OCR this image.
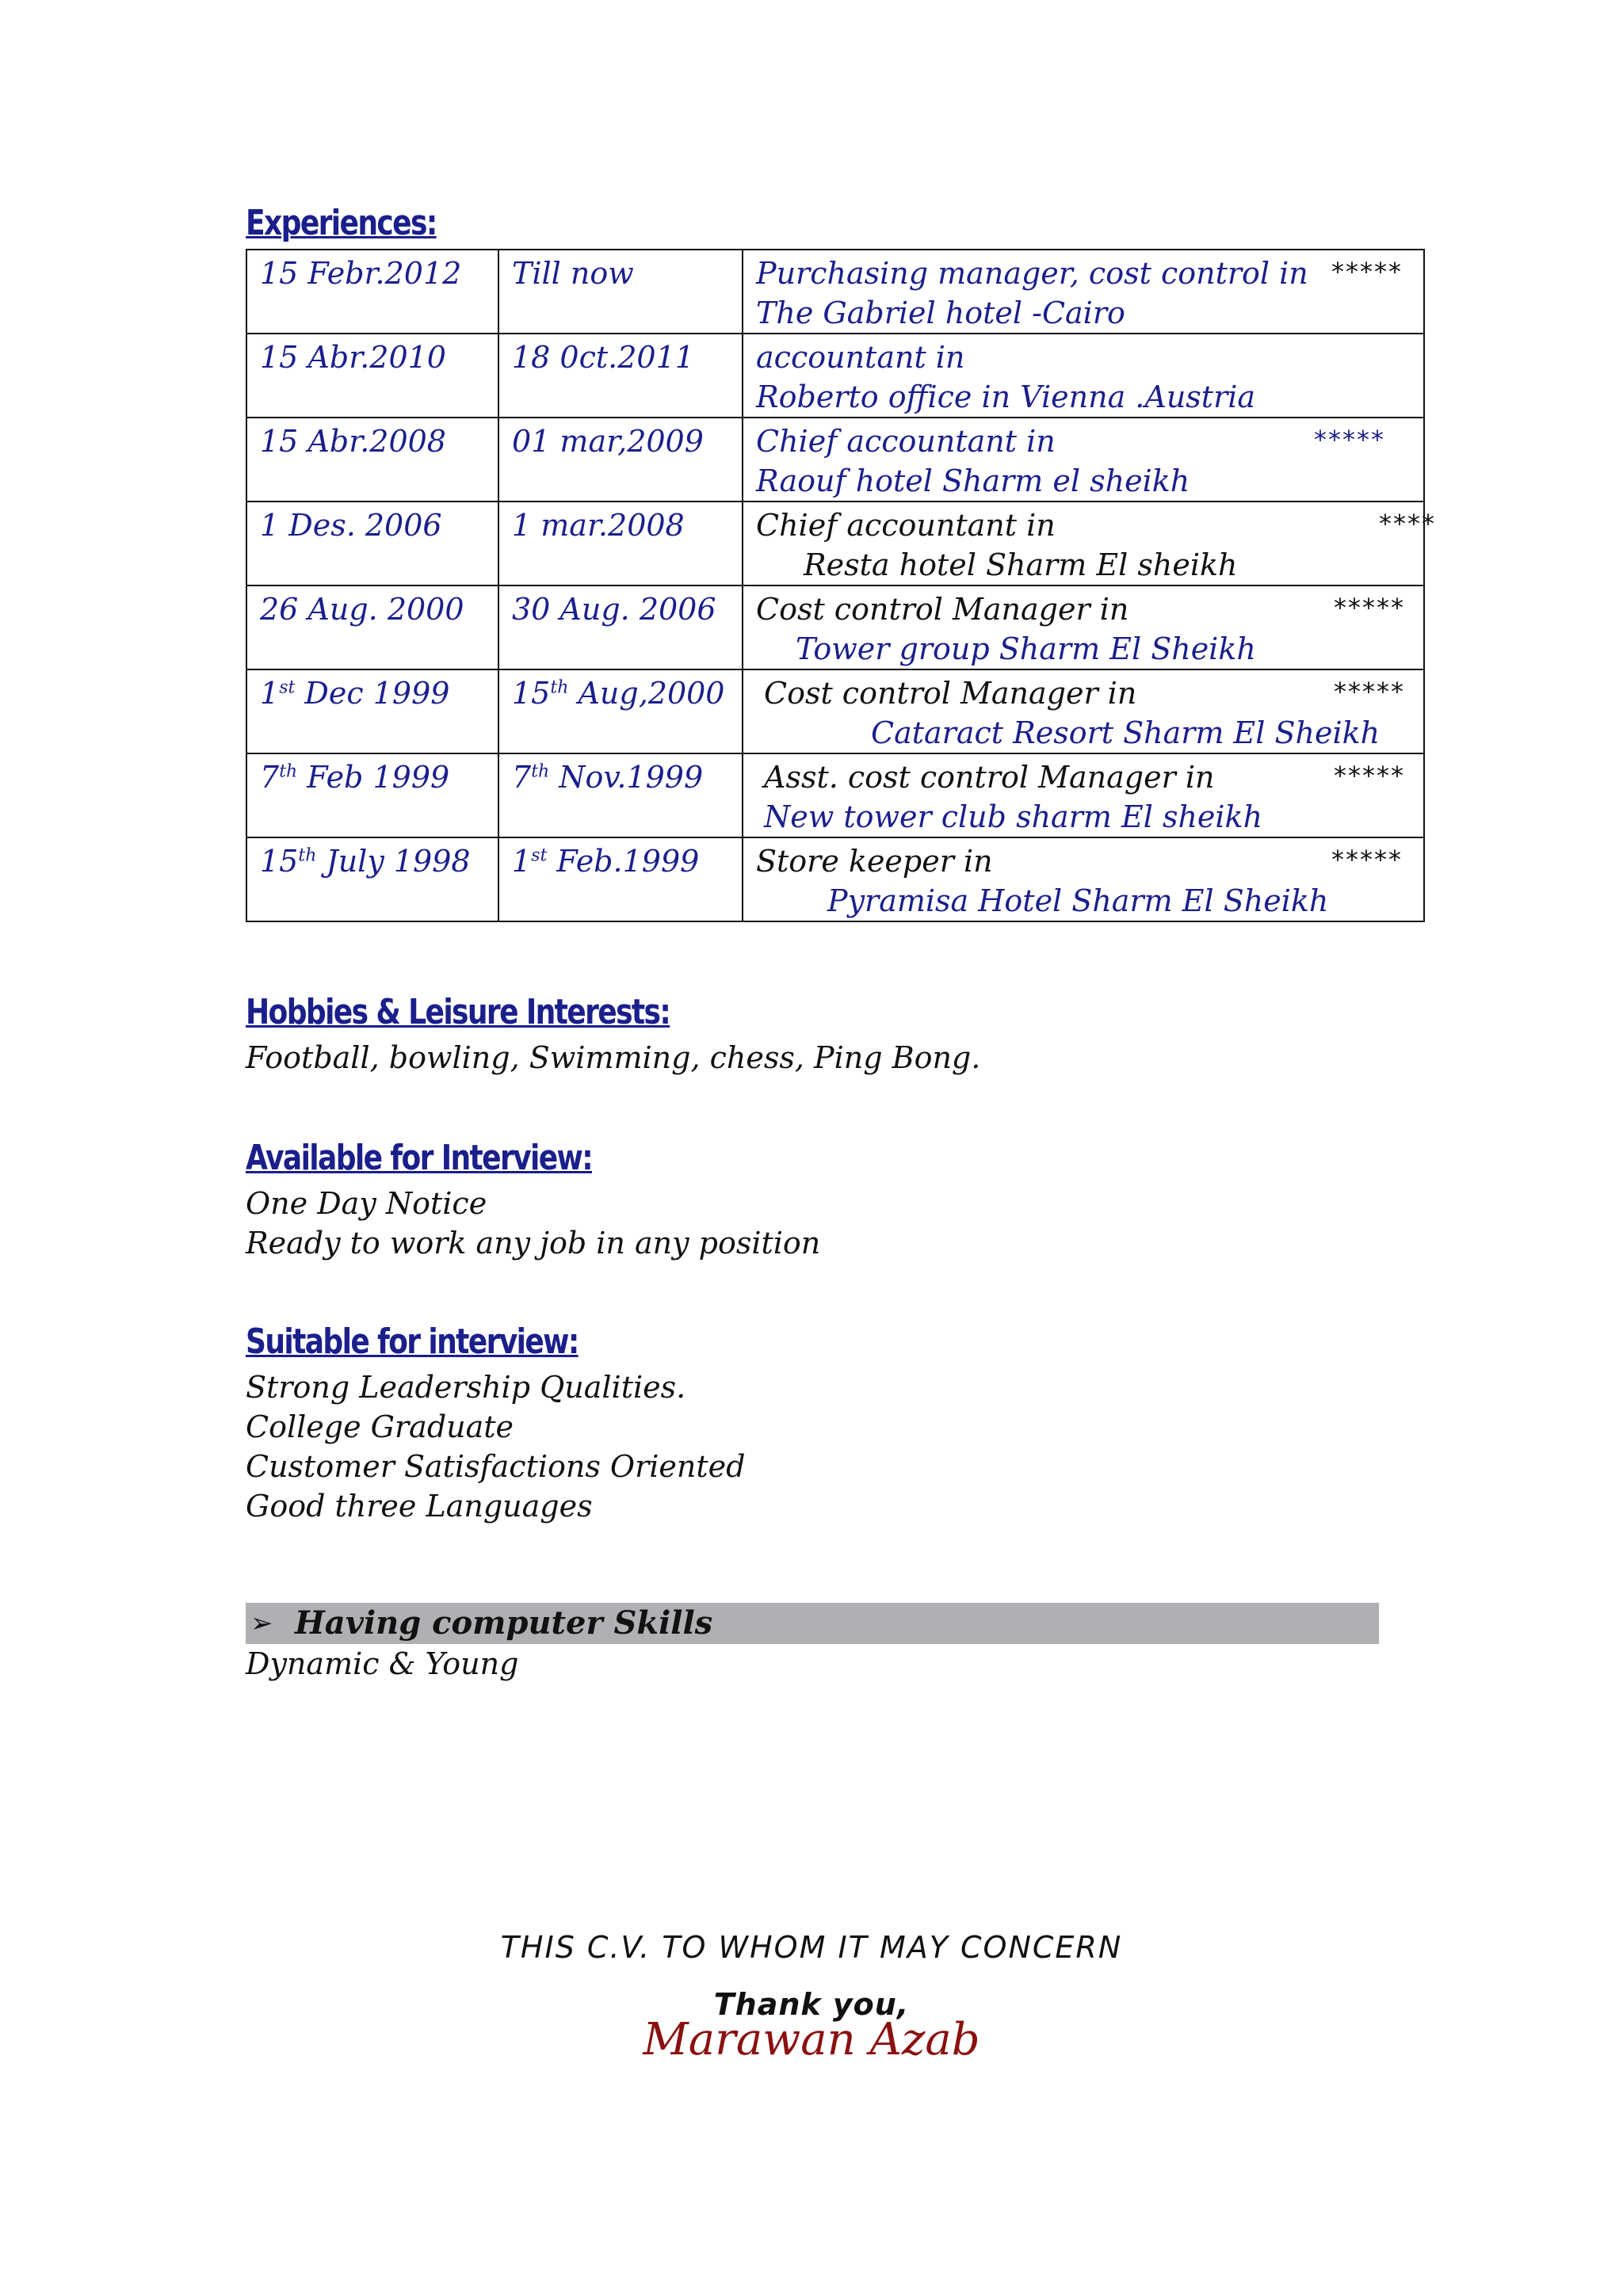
Experiences:
15 Febr.2012	Till now	Purchasing manager, cost control in
The Gabriel hotel -Cairo
*****

15 Abr.2010	18 0ct.2011	accountant in
Roberto office in Vienna .Austria

15 Abr.2008	01 mar,2009	Chief accountant in
Raouf hotel Sharm el sheikh
*****

1 Des. 2006	1 mar.2008	Chief accountant in
Resta hotel Sharm El sheikh
****

26 Aug. 2000	30 Aug. 2006	Cost control Manager in
Tower group Sharm El Sheikh
*****

1st Dec 1999	15th Aug,2000	Cost control Manager in
Cataract Resort Sharm El Sheikh
*****

7th Feb 1999	7th Nov.1999	Asst. cost control Manager in
New tower club sharm El sheikh
*****

15th July 1998	1st Feb.1999	Store keeper in
Pyramisa Hotel Sharm El Sheikh
*****
Hobbies & Leisure Interests:
Football, bowling, Swimming, chess, Ping Bong.
Available for Interview:
One Day Notice
Ready to work any job in any position
Suitable for interview:
Strong Leadership Qualities.
College Graduate
Customer Satisfactions Oriented
Good three Languages
➢ Having computer Skills
Dynamic & Young
THIS C.V. TO WHOM IT MAY CONCERN
Thank you,
Marawan Azab
